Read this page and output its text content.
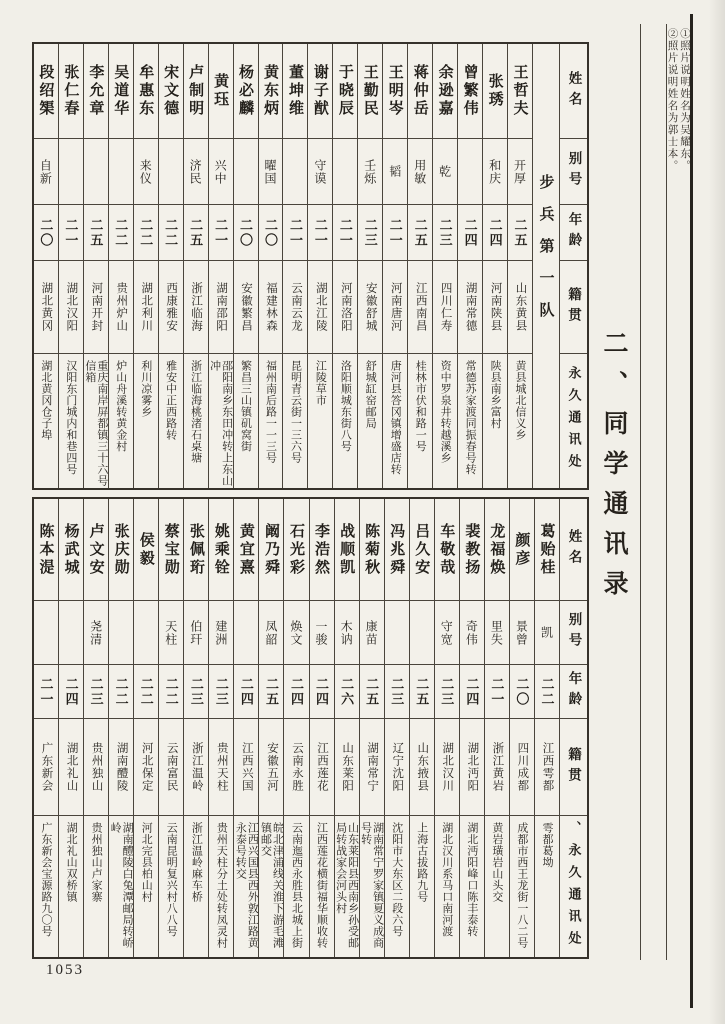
姓名
别号
年龄
籍贯
永久通讯处
步兵第一队
王哲夫
开厚
二五
山东黄县
黄县城北信义乡
张琇
和庆
二四
河南陕县
陕县南乡富村
曾繁伟
二四
湖南常德
常德苏家渡同振春号转
余逊嘉
乾
二三
四川仁寿
资中罗泉井转越溪乡
蒋仲岳
用敏
二五
江西南昌
桂林市伏和路一号
王明岑
韬
二一
河南唐河
唐河县答冈镇增盛店转
王勤民
壬烁
二三
安徽舒城
舒城缸窑邮局
于晓辰
二一
河南洛阳
洛阳顺城东街八号
谢子猷
守谟
二一
湖北江陵
江陵草市
董坤维
二一
云南云龙
昆明青云街一三六号
黄东炳
曜国
二〇
福建林森
福州南后路一一三号
杨必麟
二〇
安徽繁昌
繁昌三山镇矶窝街
黄珏
兴中
二一
湖南邵阳
邵阳南乡东田冲转上东山冲
卢制明
济民
二五
浙江临海
浙江临海桃渚石桌塘
宋文德
二二
西康雅安
雅安中正西路转
牟惠东
来仪
二二
湖北利川
利川凉雾乡
吴道华
二二
贵州炉山
炉山舟溪转黄金村
李允章
二五
河南开封
重庆南岸屏都镇三十六号信箱
张仁春
二一
湖北汉阳
汉阳东门城内和巷四号
段绍榘
自新
二〇
湖北黄冈
湖北黄冈仓子埠
姓名
别号
年龄
籍贯
、永久通讯处
葛贻桂
凯
二二
江西雩都
雩都葛坳
颜彦
景曾
二〇
四川成都
成都市西王龙街一八二号
龙福焕
里失
二一
浙江黄岩
黄岩璜岩山头交
裴教扬
奇伟
二四
湖北沔阳
湖北沔阳峰口陈丰泰转
车敬哉
守宽
二三
湖北汉川
湖北汉川系马口南河渡
吕久安
二五
山东掖县
上海古拔路九号
冯兆舜
二三
辽宁沈阳
沈阳市大东区二段六号
陈菊秋
康苗
二五
湖南常宁
湖南常宁罗家镇夏义成商号转
战顺凯
木讷
二六
山东莱阳
山东莱阳县西南乡孙受邮局转战家会河头村
李浩然
一骏
二四
江西莲花
江西莲花横街福华顺收转
石光彩
焕文
二四
云南永胜
云南迤西永胜县北城上街
阚乃舜
凤韶
二五
安徽五河
皖北津浦线关淮下游毛滩镇邮交
黄宜熹
二四
江西兴国
江西兴国县西外敦江路黄永泰号转交
姚乘铨
建洲
二三
贵州天柱
贵州天柱分土处转凤灵村
张佩珩
伯玕
二三
浙江温岭
浙江温岭麻车桥
蔡宝勋
天柱
二二
云南富民
云南昆明复兴村八八号
侯毅
二二
河北保定
河北完县柏山村
张庆勋
二二
湖南醴陵
湖南醴陵白兔潭邮局转峤岭
卢文安
尧清
二三
贵州独山
贵州独山卢家寨
杨武城
二四
湖北礼山
湖北礼山双桥镇
陈本湜
二一
广东新会
广东新会宝源路九〇号
二、同学通讯录
①照片说明姓名为吴耀东。
②照片说明姓名为郭士本。
1053
